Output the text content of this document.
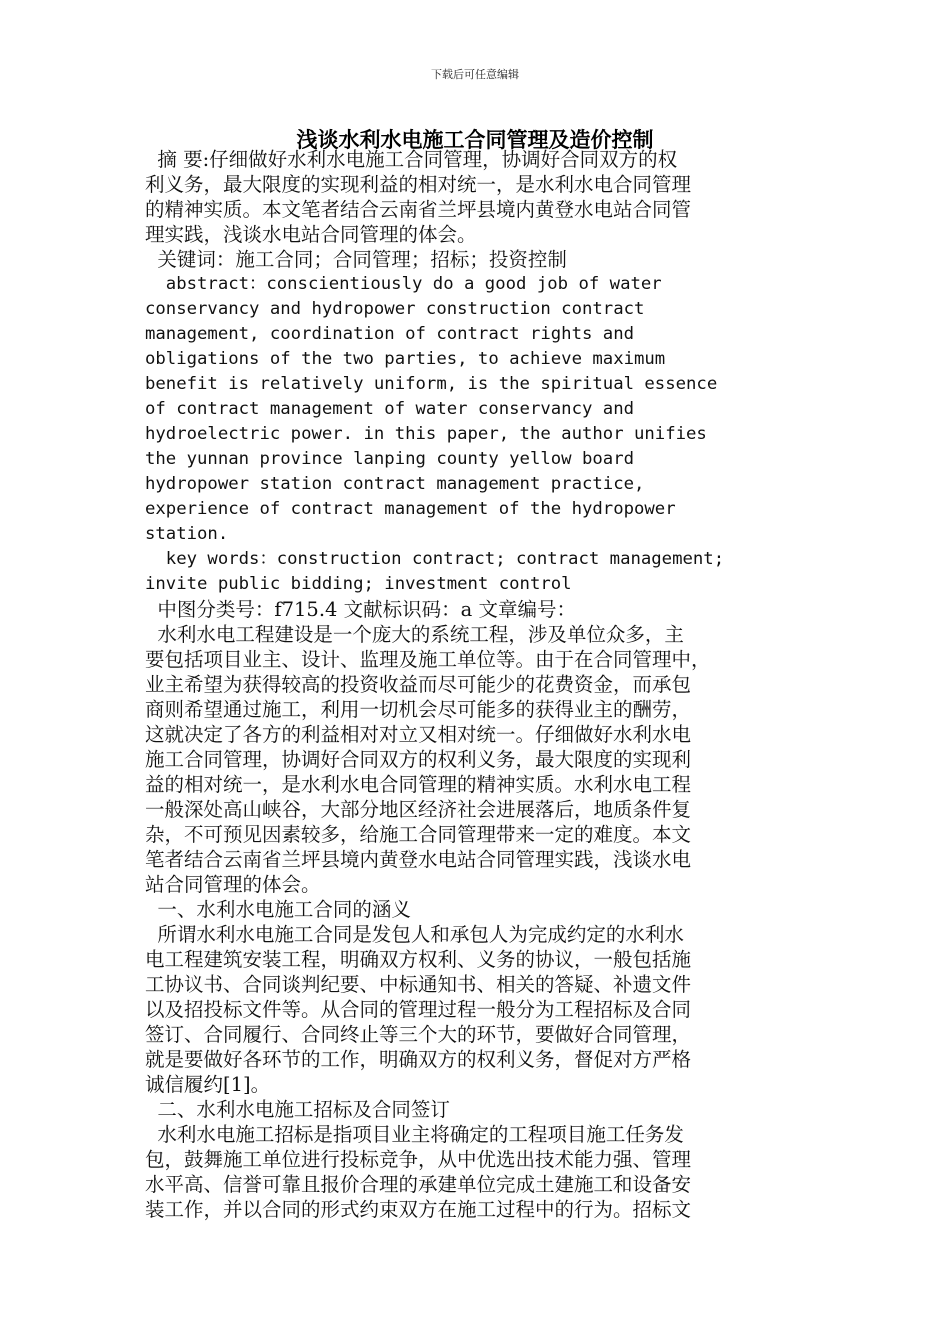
下载后可任意编辑
浅谈水利水电施工合同管理及造价控制
摘 要:仔细做好水利水电施工合同管理，协调好合同双方的权
利义务，最大限度的实现利益的相对统一，是水利水电合同管理
的精神实质。本文笔者结合云南省兰坪县境内黄登水电站合同管
理实践，浅谈水电站合同管理的体会。
关键词：施工合同；合同管理；招标；投资控制
abstract：conscientiously do a good job of water
conservancy and hydropower construction contract
management, coordination of contract rights and
obligations of the two parties, to achieve maximum
benefit is relatively uniform, is the spiritual essence
of contract management of water conservancy and
hydroelectric power. in this paper, the author unifies
the yunnan province lanping county yellow board
hydropower station contract management practice,
experience of contract management of the hydropower
station.
key words：construction contract; contract management;
invite public bidding; investment control
中图分类号：f715.4 文献标识码：a 文章编号：
水利水电工程建设是一个庞大的系统工程，涉及单位众多，主
要包括项目业主、设计、监理及施工单位等。由于在合同管理中，
业主希望为获得较高的投资收益而尽可能少的花费资金，而承包
商则希望通过施工，利用一切机会尽可能多的获得业主的酬劳，
这就决定了各方的利益相对对立又相对统一。仔细做好水利水电
施工合同管理，协调好合同双方的权利义务，最大限度的实现利
益的相对统一，是水利水电合同管理的精神实质。水利水电工程
一般深处高山峡谷，大部分地区经济社会进展落后，地质条件复
杂，不可预见因素较多，给施工合同管理带来一定的难度。本文
笔者结合云南省兰坪县境内黄登水电站合同管理实践，浅谈水电
站合同管理的体会。
一、水利水电施工合同的涵义
所谓水利水电施工合同是发包人和承包人为完成约定的水利水
电工程建筑安装工程，明确双方权利、义务的协议，一般包括施
工协议书、合同谈判纪要、中标通知书、相关的答疑、补遗文件
以及招投标文件等。从合同的管理过程一般分为工程招标及合同
签订、合同履行、合同终止等三个大的环节，要做好合同管理，
就是要做好各环节的工作，明确双方的权利义务，督促对方严格
诚信履约[1]。
二、水利水电施工招标及合同签订
水利水电施工招标是指项目业主将确定的工程项目施工任务发
包，鼓舞施工单位进行投标竞争，从中优选出技术能力强、管理
水平高、信誉可靠且报价合理的承建单位完成土建施工和设备安
装工作，并以合同的形式约束双方在施工过程中的行为。招标文
